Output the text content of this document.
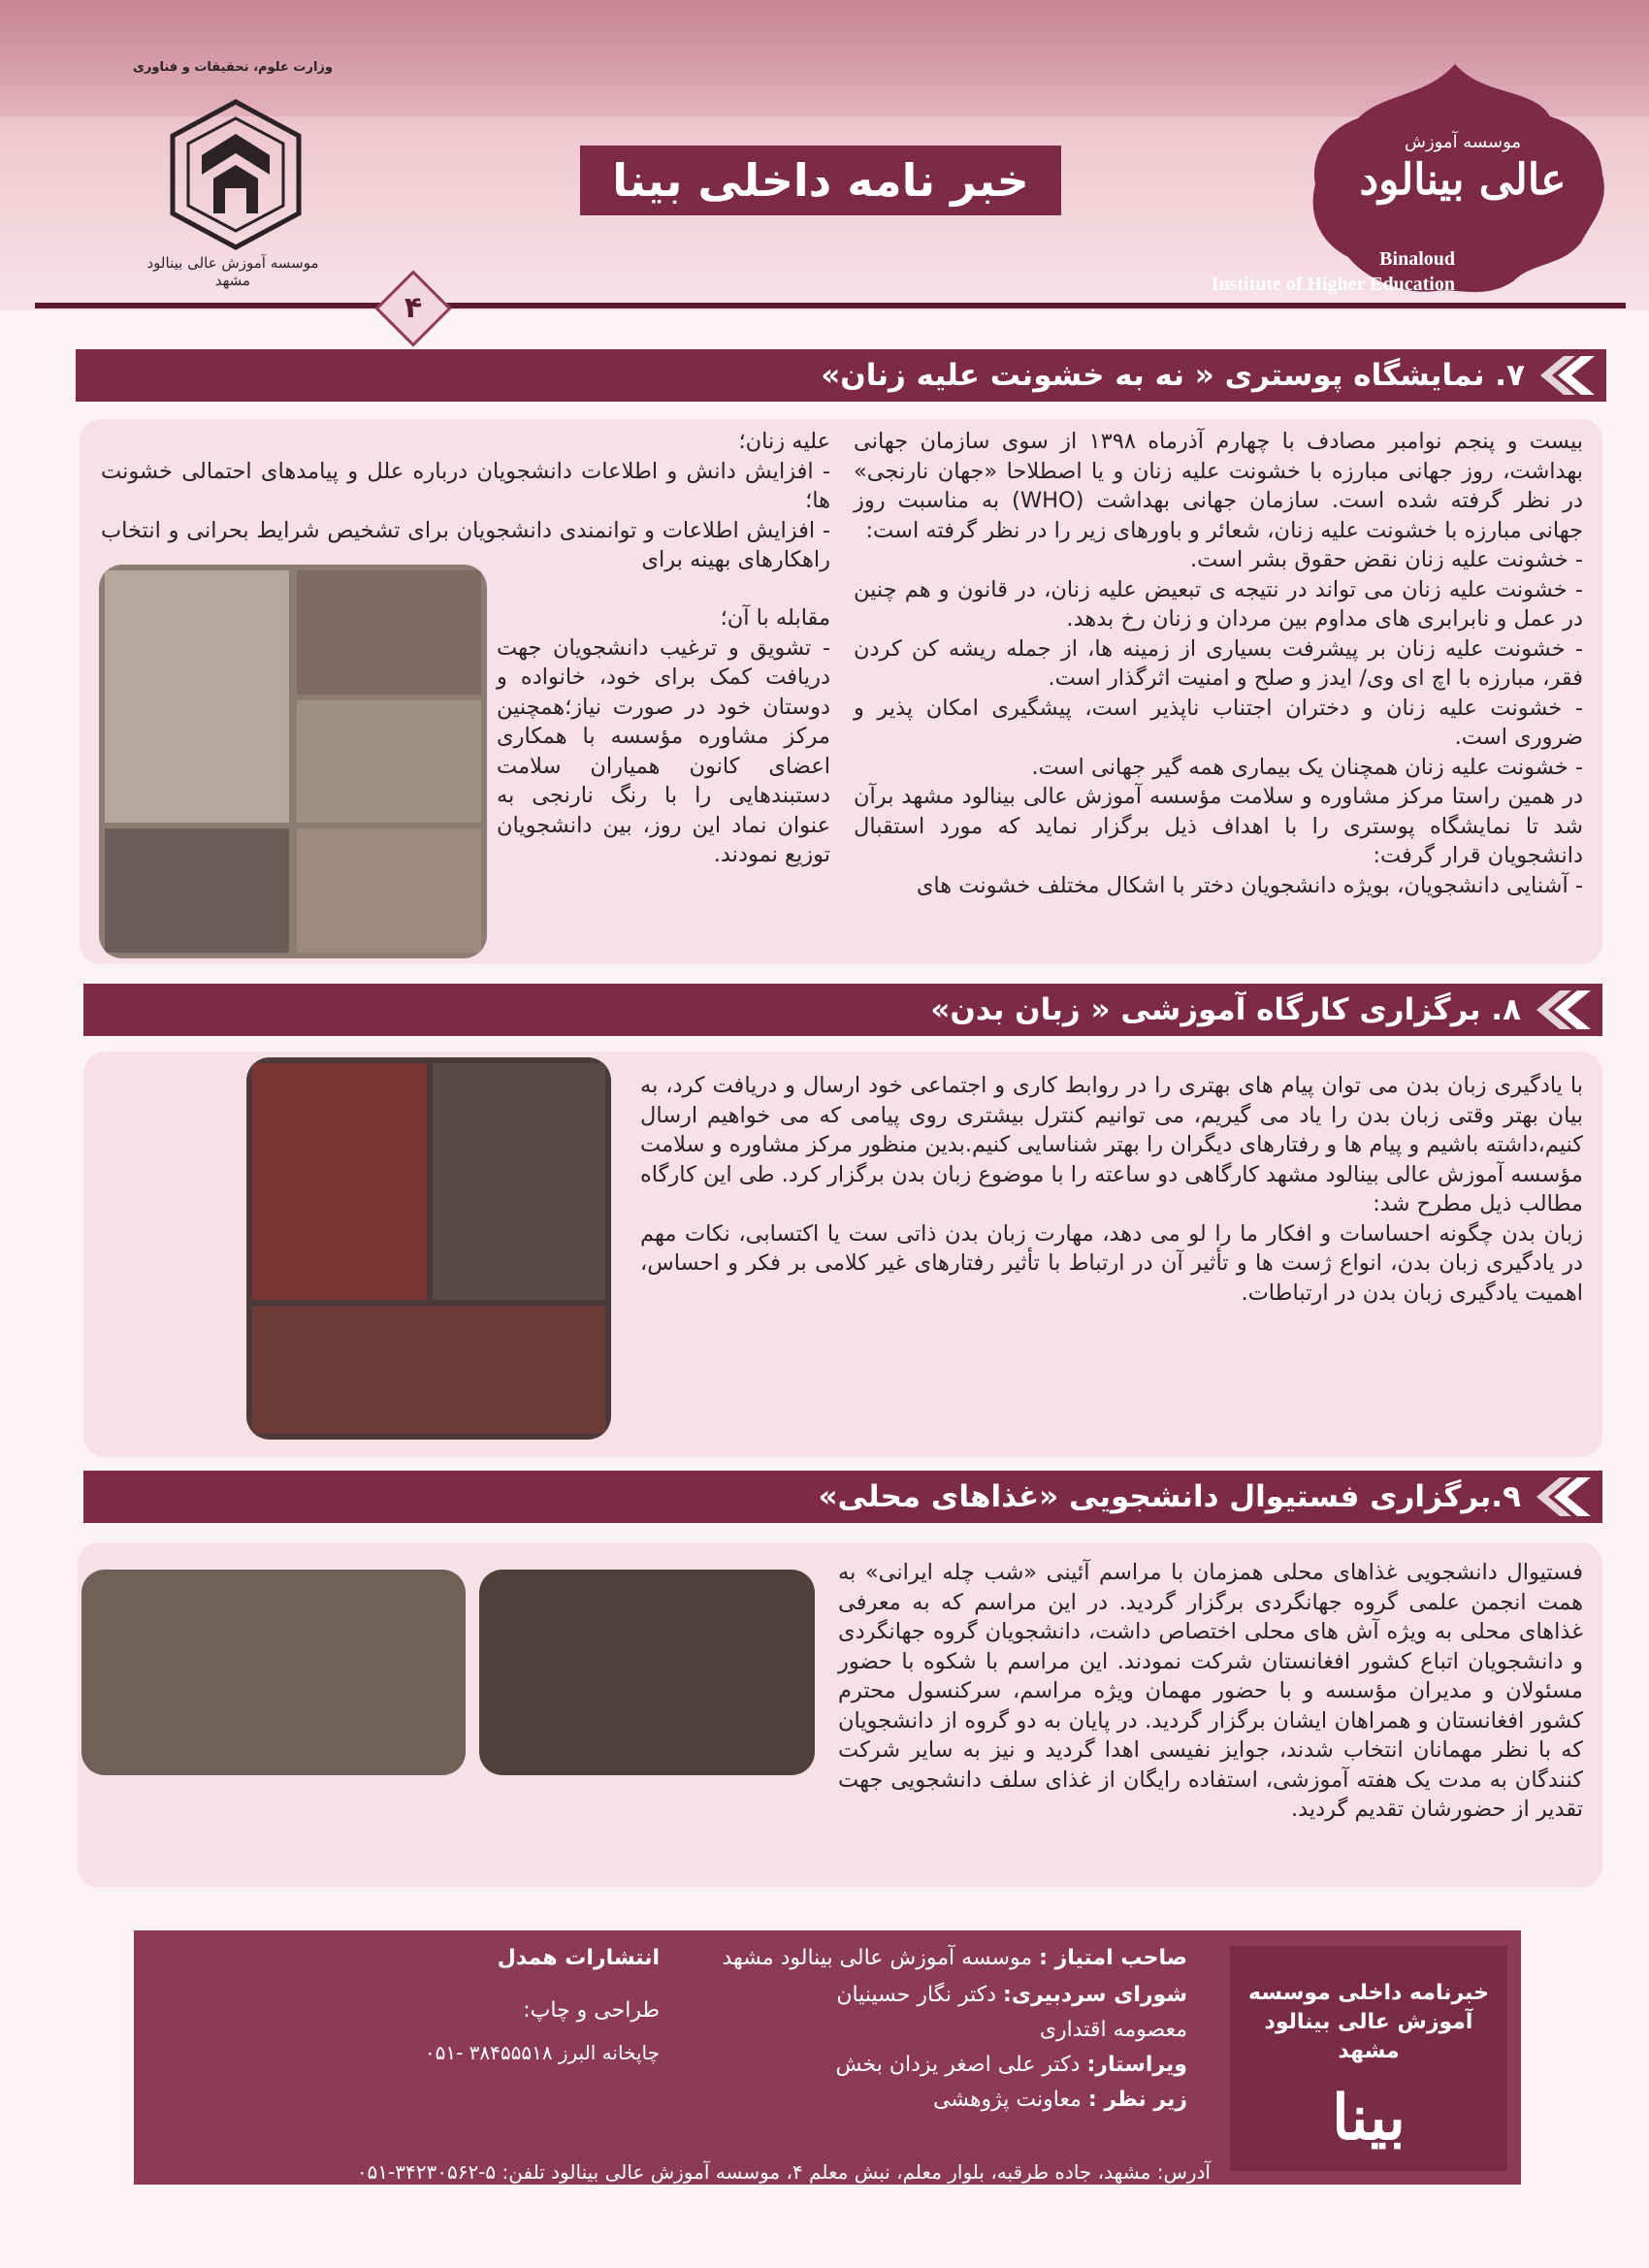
وزارت علوم، تحقیقات و فناوری
موسسه آموزش عالی بینالود مشهد
خبر نامه داخلی بینا
موسسه آموزش
عالی بینالود
Binaloud
Institute of Higher Education
۴
۷. نمایشگاه پوستری « نه به خشونت علیه زنان»
بیست و پنجم نوامبر مصادف با چهارم آذرماه ۱۳۹۸ از سوی سازمان جهانی بهداشت، روز جهانی مبارزه با خشونت علیه زنان و یا اصطلاحا «جهان نارنجی» در نظر گرفته شده است. سازمان جهانی بهداشت (WHO) به مناسبت روز جهانی مبارزه با خشونت علیه زنان، شعائر و باورهای زیر را در نظر گرفته است:
- خشونت علیه زنان نقض حقوق بشر است.
- خشونت علیه زنان می تواند در نتیجه ی تبعیض علیه زنان، در قانون و هم چنین در عمل و نابرابری های مداوم بین مردان و زنان رخ بدهد.
- خشونت علیه زنان بر پیشرفت بسیاری از زمینه ها، از جمله ریشه کن کردن فقر، مبارزه با اچ ای وی/ ایدز و صلح و امنیت اثرگذار است.
- خشونت علیه زنان و دختران اجتناب ناپذیر است، پیشگیری امکان پذیر و ضروری است.
- خشونت علیه زنان همچنان یک بیماری همه گیر جهانی است.
در همین راستا مرکز مشاوره و سلامت مؤسسه آموزش عالی بینالود مشهد برآن شد تا نمایشگاه پوستری را با اهداف ذیل برگزار نماید که مورد استقبال دانشجویان قرار گرفت:
- آشنایی دانشجویان، بویژه دانشجویان دختر با اشکال مختلف خشونت های
علیه زنان؛
- افزایش دانش و اطلاعات دانشجویان درباره علل و پیامدهای احتمالی خشونت ها؛
- افزایش اطلاعات و توانمندی دانشجویان برای تشخیص شرایط بحرانی و انتخاب راهکارهای بهینه برای
مقابله با آن؛
- تشویق و ترغیب دانشجویان جهت دریافت کمک برای خود، خانواده و دوستان خود در صورت نیاز؛همچنین مرکز مشاوره مؤسسه با همکاری اعضای کانون همیاران سلامت دستبندهایی را با رنگ نارنجی به عنوان نماد این روز، بین دانشجویان توزیع نمودند.
۸. برگزاری کارگاه آموزشی « زبان بدن»
با یادگیری زبان بدن می توان پیام های بهتری را در روابط کاری و اجتماعی خود ارسال و دریافت کرد، به بیان بهتر وقتی زبان بدن را یاد می گیریم، می توانیم کنترل بیشتری روی پیامی که می خواهیم ارسال کنیم،داشته باشیم و پیام ها و رفتارهای دیگران را بهتر شناسایی کنیم.بدین منظور مرکز مشاوره و سلامت مؤسسه آموزش عالی بینالود مشهد کارگاهی دو ساعته را با موضوع زبان بدن برگزار کرد. طی این کارگاه مطالب ذیل مطرح شد:
زبان بدن چگونه احساسات و افکار ما را لو می دهد، مهارت زبان بدن ذاتی ست یا اکتسابی، نکات مهم در یادگیری زبان بدن، انواع ژست ها و تأثیر آن در ارتباط با تأثیر رفتارهای غیر کلامی بر فکر و احساس، اهمیت یادگیری زبان بدن در ارتباطات.
۹.برگزاری فستیوال دانشجویی «غذاهای محلی»
فستیوال دانشجویی غذاهای محلی همزمان با مراسم آئینی «شب چله ایرانی» به همت انجمن علمی گروه جهانگردی برگزار گردید. در این مراسم که به معرفی غذاهای محلی به ویژه آش های محلی اختصاص داشت، دانشجویان گروه جهانگردی و دانشجویان اتباع کشور افغانستان شرکت نمودند. این مراسم با شکوه با حضور مسئولان و مدیران مؤسسه و با حضور مهمان ویژه مراسم، سرکنسول محترم کشور افغانستان و همراهان ایشان برگزار گردید. در پایان به دو گروه از دانشجویان که با نظر مهمانان انتخاب شدند، جوایز نفیسی اهدا گردید و نیز به سایر شرکت کنندگان به مدت یک هفته آموزشی، استفاده رایگان از غذای سلف دانشجویی جهت تقدیر از حضورشان تقدیم گردید.
خبرنامه داخلی موسسه آموزش عالی بینالود مشهد
بینا
صاحب امتیاز : موسسه آموزش عالی بینالود مشهد
شورای سردبیری: دکتر نگار حسینیان
معصومه اقتداری
ویراستار: دکتر علی اصغر یزدان بخش
زیر نظر : معاونت پژوهشی
انتشارات همدل
طراحی و چاپ:
چاپخانه البرز ۳۸۴۵۵۵۱۸ -۰۵۱
آدرس: مشهد، جاده طرقبه، بلوار معلم، نبش معلم ۴، موسسه آموزش عالی بینالود تلفن: ۵-۳۴۲۳۰۵۶۲-۰۵۱
